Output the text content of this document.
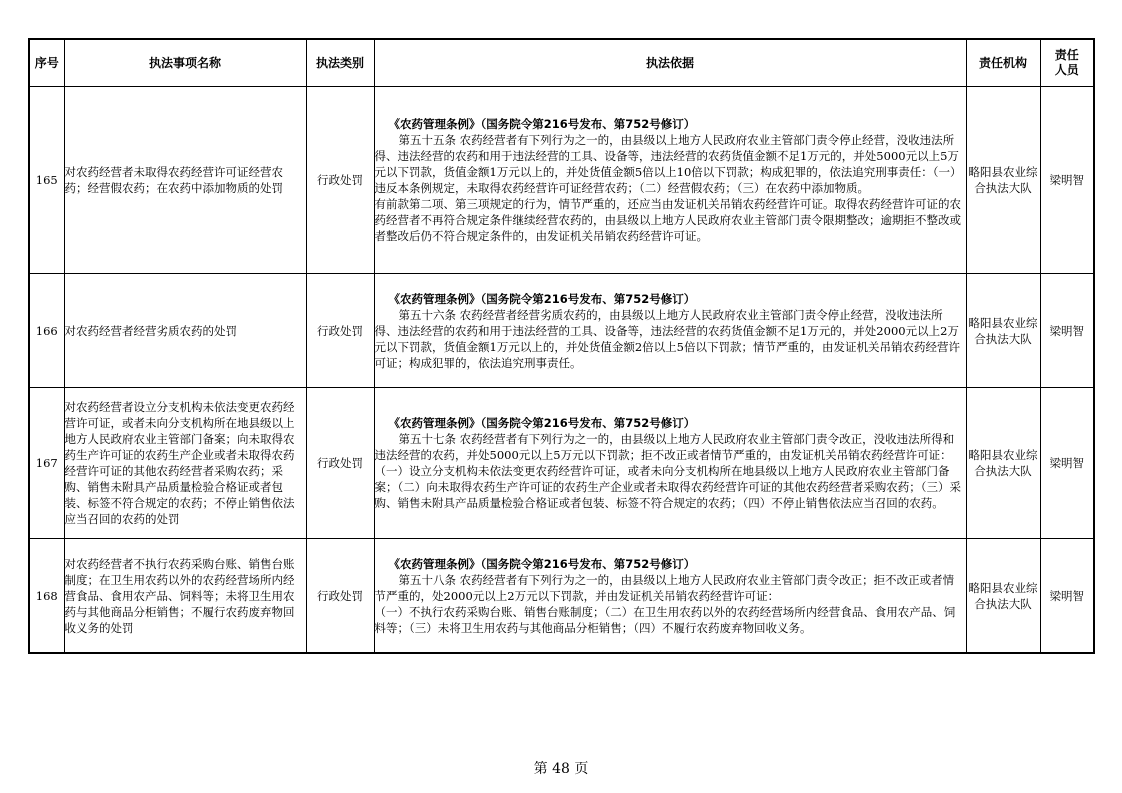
序号	执法事项名称	执法类别	执法依据	责任机构	责任人员
165	对农药经营者未取得农药经营许可证经营农药；经营假农药；在农药中添加物质的处罚	行政处罚	《农药管理条例》（国务院令第216号发布、第752号修订）
第五十五条 农药经营者有下列行为之一的，由县级以上地方人民政府农业主管部门责令停止经营，没收违法所得、违法经营的农药和用于违法经营的工具、设备等，违法经营的农药货值金额不足1万元的，并处5000元以上5万元以下罚款，货值金额1万元以上的，并处货值金额5倍以上10倍以下罚款；构成犯罪的，依法追究刑事责任：（一）违反本条例规定，未取得农药经营许可证经营农药；（二）经营假农药；（三）在农药中添加物质。
有前款第二项、第三项规定的行为，情节严重的，还应当由发证机关吊销农药经营许可证。取得农药经营许可证的农药经营者不再符合规定条件继续经营农药的，由县级以上地方人民政府农业主管部门责令限期整改；逾期拒不整改或者整改后仍不符合规定条件的，由发证机关吊销农药经营许可证。	略阳县农业综合执法大队	梁明智
166	对农药经营者经营劣质农药的处罚	行政处罚	《农药管理条例》（国务院令第216号发布、第752号修订）
第五十六条 农药经营者经营劣质农药的，由县级以上地方人民政府农业主管部门责令停止经营，没收违法所得、违法经营的农药和用于违法经营的工具、设备等，违法经营的农药货值金额不足1万元的，并处2000元以上2万元以下罚款，货值金额1万元以上的，并处货值金额2倍以上5倍以下罚款；情节严重的，由发证机关吊销农药经营许可证；构成犯罪的，依法追究刑事责任。	略阳县农业综合执法大队	梁明智
167	对农药经营者设立分支机构未依法变更农药经营许可证，或者未向分支机构所在地县级以上地方人民政府农业主管部门备案；向未取得农药生产许可证的农药生产企业或者未取得农药经营许可证的其他农药经营者采购农药；采购、销售未附具产品质量检验合格证或者包装、标签不符合规定的农药；不停止销售依法应当召回的农药的处罚	行政处罚	《农药管理条例》（国务院令第216号发布、第752号修订）
第五十七条 农药经营者有下列行为之一的，由县级以上地方人民政府农业主管部门责令改正，没收违法所得和违法经营的农药，并处5000元以上5万元以下罚款；拒不改正或者情节严重的，由发证机关吊销农药经营许可证：（一）设立分支机构未依法变更农药经营许可证，或者未向分支机构所在地县级以上地方人民政府农业主管部门备案；（二）向未取得农药生产许可证的农药生产企业或者未取得农药经营许可证的其他农药经营者采购农药；（三）采购、销售未附具产品质量检验合格证或者包装、标签不符合规定的农药；（四）不停止销售依法应当召回的农药。	略阳县农业综合执法大队	梁明智
168	对农药经营者不执行农药采购台账、销售台账制度；在卫生用农药以外的农药经营场所内经营食品、食用农产品、饲料等；未将卫生用农药与其他商品分柜销售；不履行农药废弃物回收义务的处罚	行政处罚	《农药管理条例》（国务院令第216号发布、第752号修订）
第五十八条 农药经营者有下列行为之一的，由县级以上地方人民政府农业主管部门责令改正；拒不改正或者情节严重的，处2000元以上2万元以下罚款，并由发证机关吊销农药经营许可证：
（一）不执行农药采购台账、销售台账制度；（二）在卫生用农药以外的农药经营场所内经营食品、食用农产品、饲料等；（三）未将卫生用农药与其他商品分柜销售；（四）不履行农药废弃物回收义务。	略阳县农业综合执法大队	梁明智
第 48 页
